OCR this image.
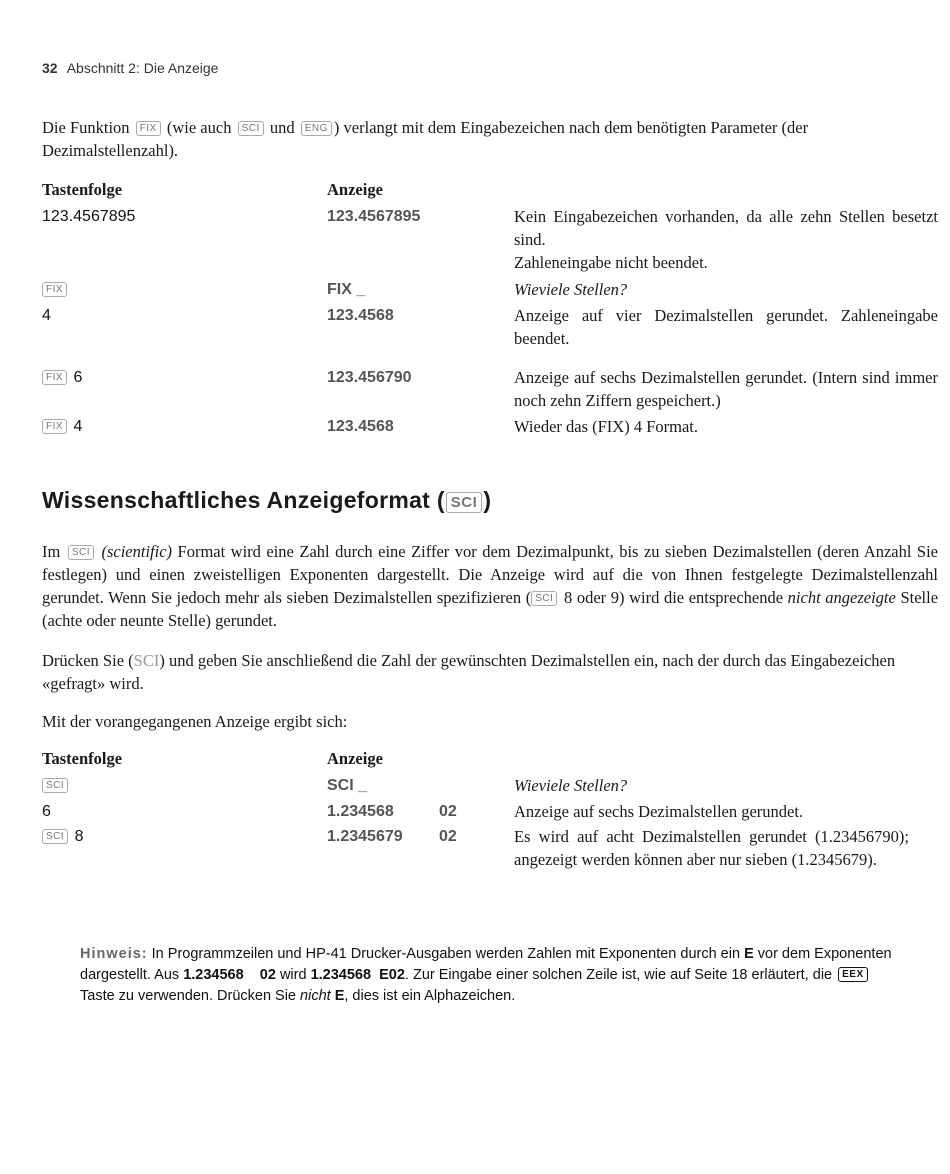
32 Abschnitt 2: Die Anzeige
Die Funktion FIX (wie auch SCI und ENG ) verlangt mit dem Eingabezeichen nach dem benötigten Parameter (der Dezimalstellenzahl).
Tastenfolge	Anzeige
123.4567895	123.4567895	Kein Eingabezeichen vorhanden, da alle zehn Stellen besetzt sind.
Zahleneingabe nicht beendet.
FIX	FIX _	Wieviele Stellen?
4	123.4568	Anzeige auf vier Dezimalstellen gerundet. Zahleneingabe beendet.
FIX 6	123.456790	Anzeige auf sechs Dezimalstellen gerundet. (Intern sind immer noch zehn Ziffern gespeichert.)
FIX 4	123.4568	Wieder das (FIX) 4 Format.
Wissenschaftliches Anzeigeformat ( SCI )
Im SCI (scientific) Format wird eine Zahl durch eine Ziffer vor dem Dezimalpunkt, bis zu sieben Dezimalstellen (deren Anzahl Sie festlegen) und einen zweistelligen Exponenten dargestellt. Die Anzeige wird auf die von Ihnen festgelegte Dezimalstellenzahl gerundet. Wenn Sie jedoch mehr als sieben Dezimalstellen spezifizieren ( SCI 8 oder 9) wird die entsprechende nicht angezeigte Stelle (achte oder neunte Stelle) gerundet.
Drücken Sie (SCI) und geben Sie anschließend die Zahl der gewünschten Dezimalstellen ein, nach der durch das Eingabezeichen «gefragt» wird.
Mit der vorangegangenen Anzeige ergibt sich:
Tastenfolge	Anzeige
SCI	SCI _	Wieviele Stellen?
6	1.234568	02	Anzeige auf sechs Dezimalstellen gerundet.
SCI 8	1.2345679 02	Es wird auf acht Dezimalstellen gerundet (1.23456790); angezeigt werden können aber nur sieben (1.2345679).
Hinweis: In Programmzeilen und HP-41 Drucker-Ausgaben werden Zahlen mit Exponenten durch ein E vor dem Exponenten dargestellt. Aus 1.234568    02 wird 1.234568  E02. Zur Eingabe einer solchen Zeile ist, wie auf Seite 18 erläutert, die EEX Taste zu verwenden. Drücken Sie nicht E, dies ist ein Alphazeichen.
